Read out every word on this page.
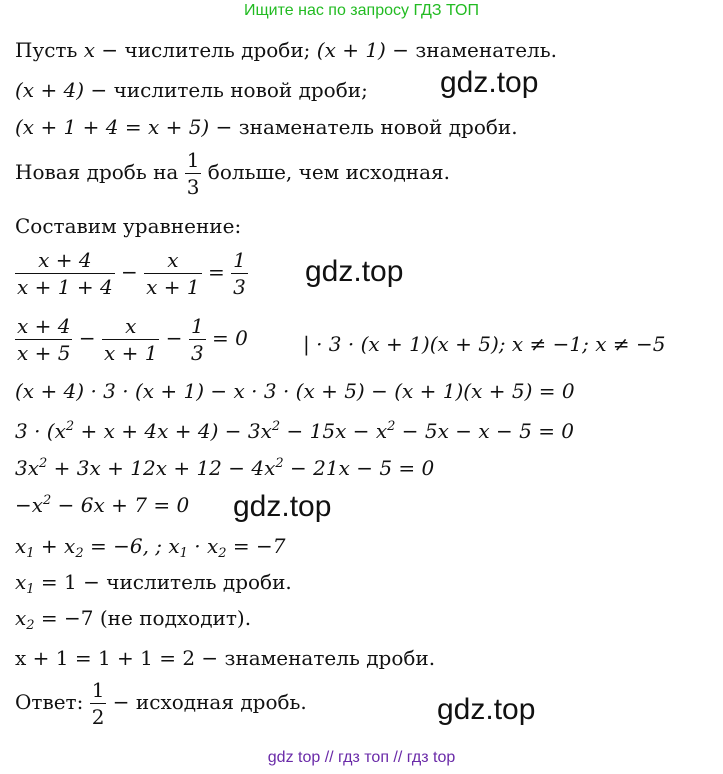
Ищите нас по запросу ГДЗ ТОП
Пусть x − числитель дроби; (x + 1) − знаменатель.
(x + 4) − числитель новой дроби;
(x + 1 + 4 = x + 5) − знаменатель новой дроби.
Новая дробь на $\frac{1}{3}$ больше, чем исходная.
Составим уравнение:
$\frac{x + 4}{x + 1 + 4} - \frac{x}{x + 1} = \frac{1}{3}$
$\frac{x + 4}{x + 5} - \frac{x}{x + 1} - \frac{1}{3} = 0$	| · 3 · (x + 1)(x + 5); x ≠ −1; x ≠ −5
(x + 4) · 3 · (x + 1) − x · 3 · (x + 5) − (x + 1)(x + 5) = 0
$3 \cdot (x^2 + x + 4x + 4) - 3x^2 - 15x - x^2 - 5x - x - 5 = 0$
$3x^2 + 3x + 12x + 12 - 4x^2 - 21x - 5 = 0$
$-x^2 - 6x + 7 = 0$
$x_1 + x_2 = -6$, ; $x_1 \cdot x_2 = -7$
$x_1 = 1$ − числитель дроби.
$x_2 = -7$ (не подходит).
x + 1 = 1 + 1 = 2 − знаменатель дроби.
Ответ: $\frac{1}{2}$ − исходная дробь.
gdz.top
gdz.top
gdz.top
gdz.top
gdz top // гдз топ // гдз top
